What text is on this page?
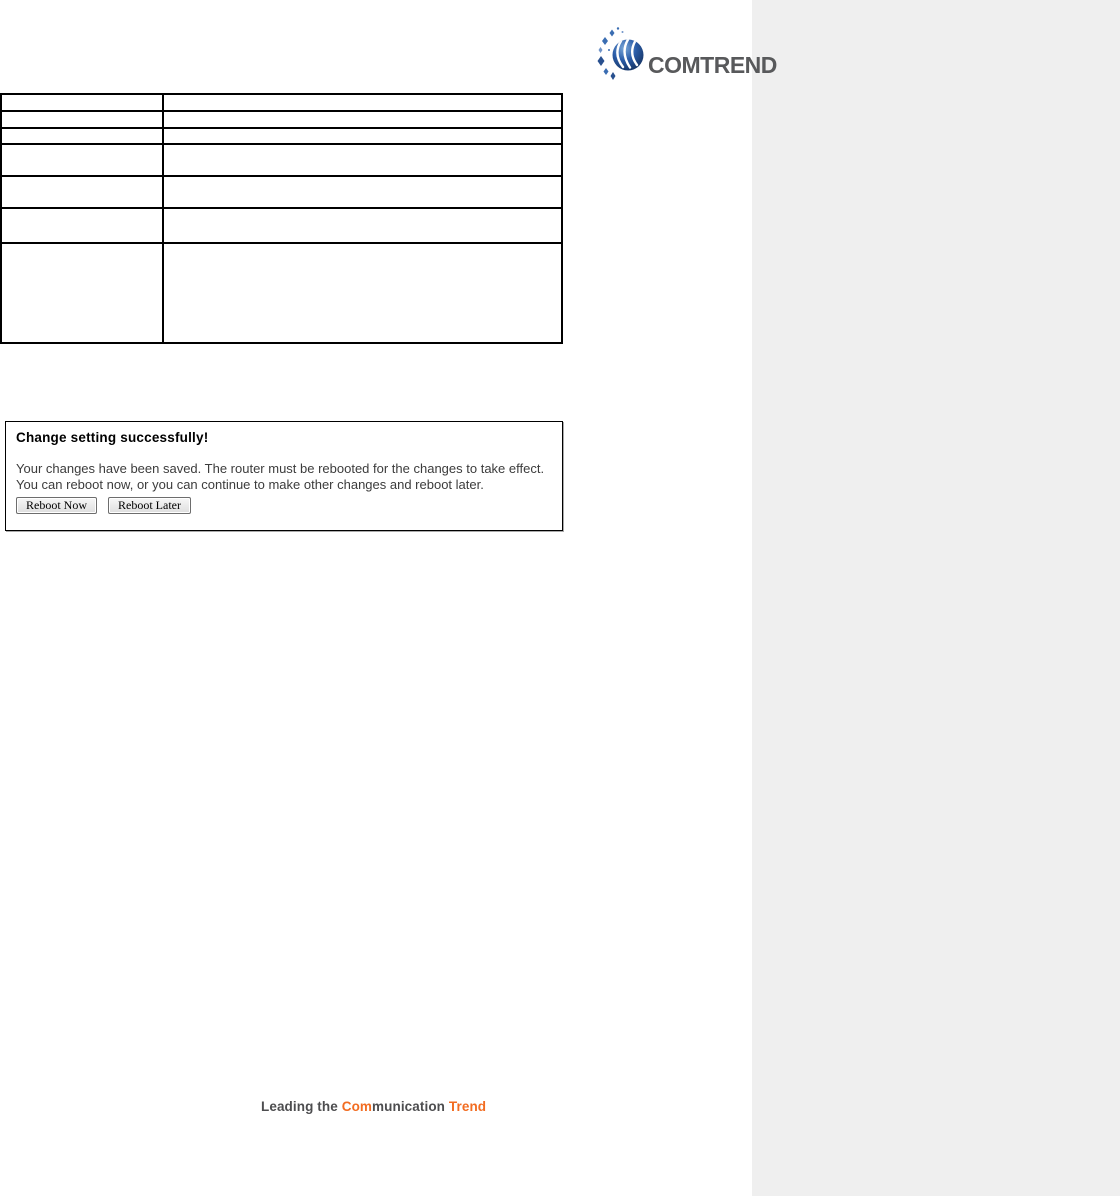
COMTREND

Change setting successfully!
Your changes have been saved. The router must be rebooted for the changes to take effect.
You can reboot now, or you can continue to make other changes and reboot later.
Reboot Now	Reboot Later
Leading the Communication Trend
